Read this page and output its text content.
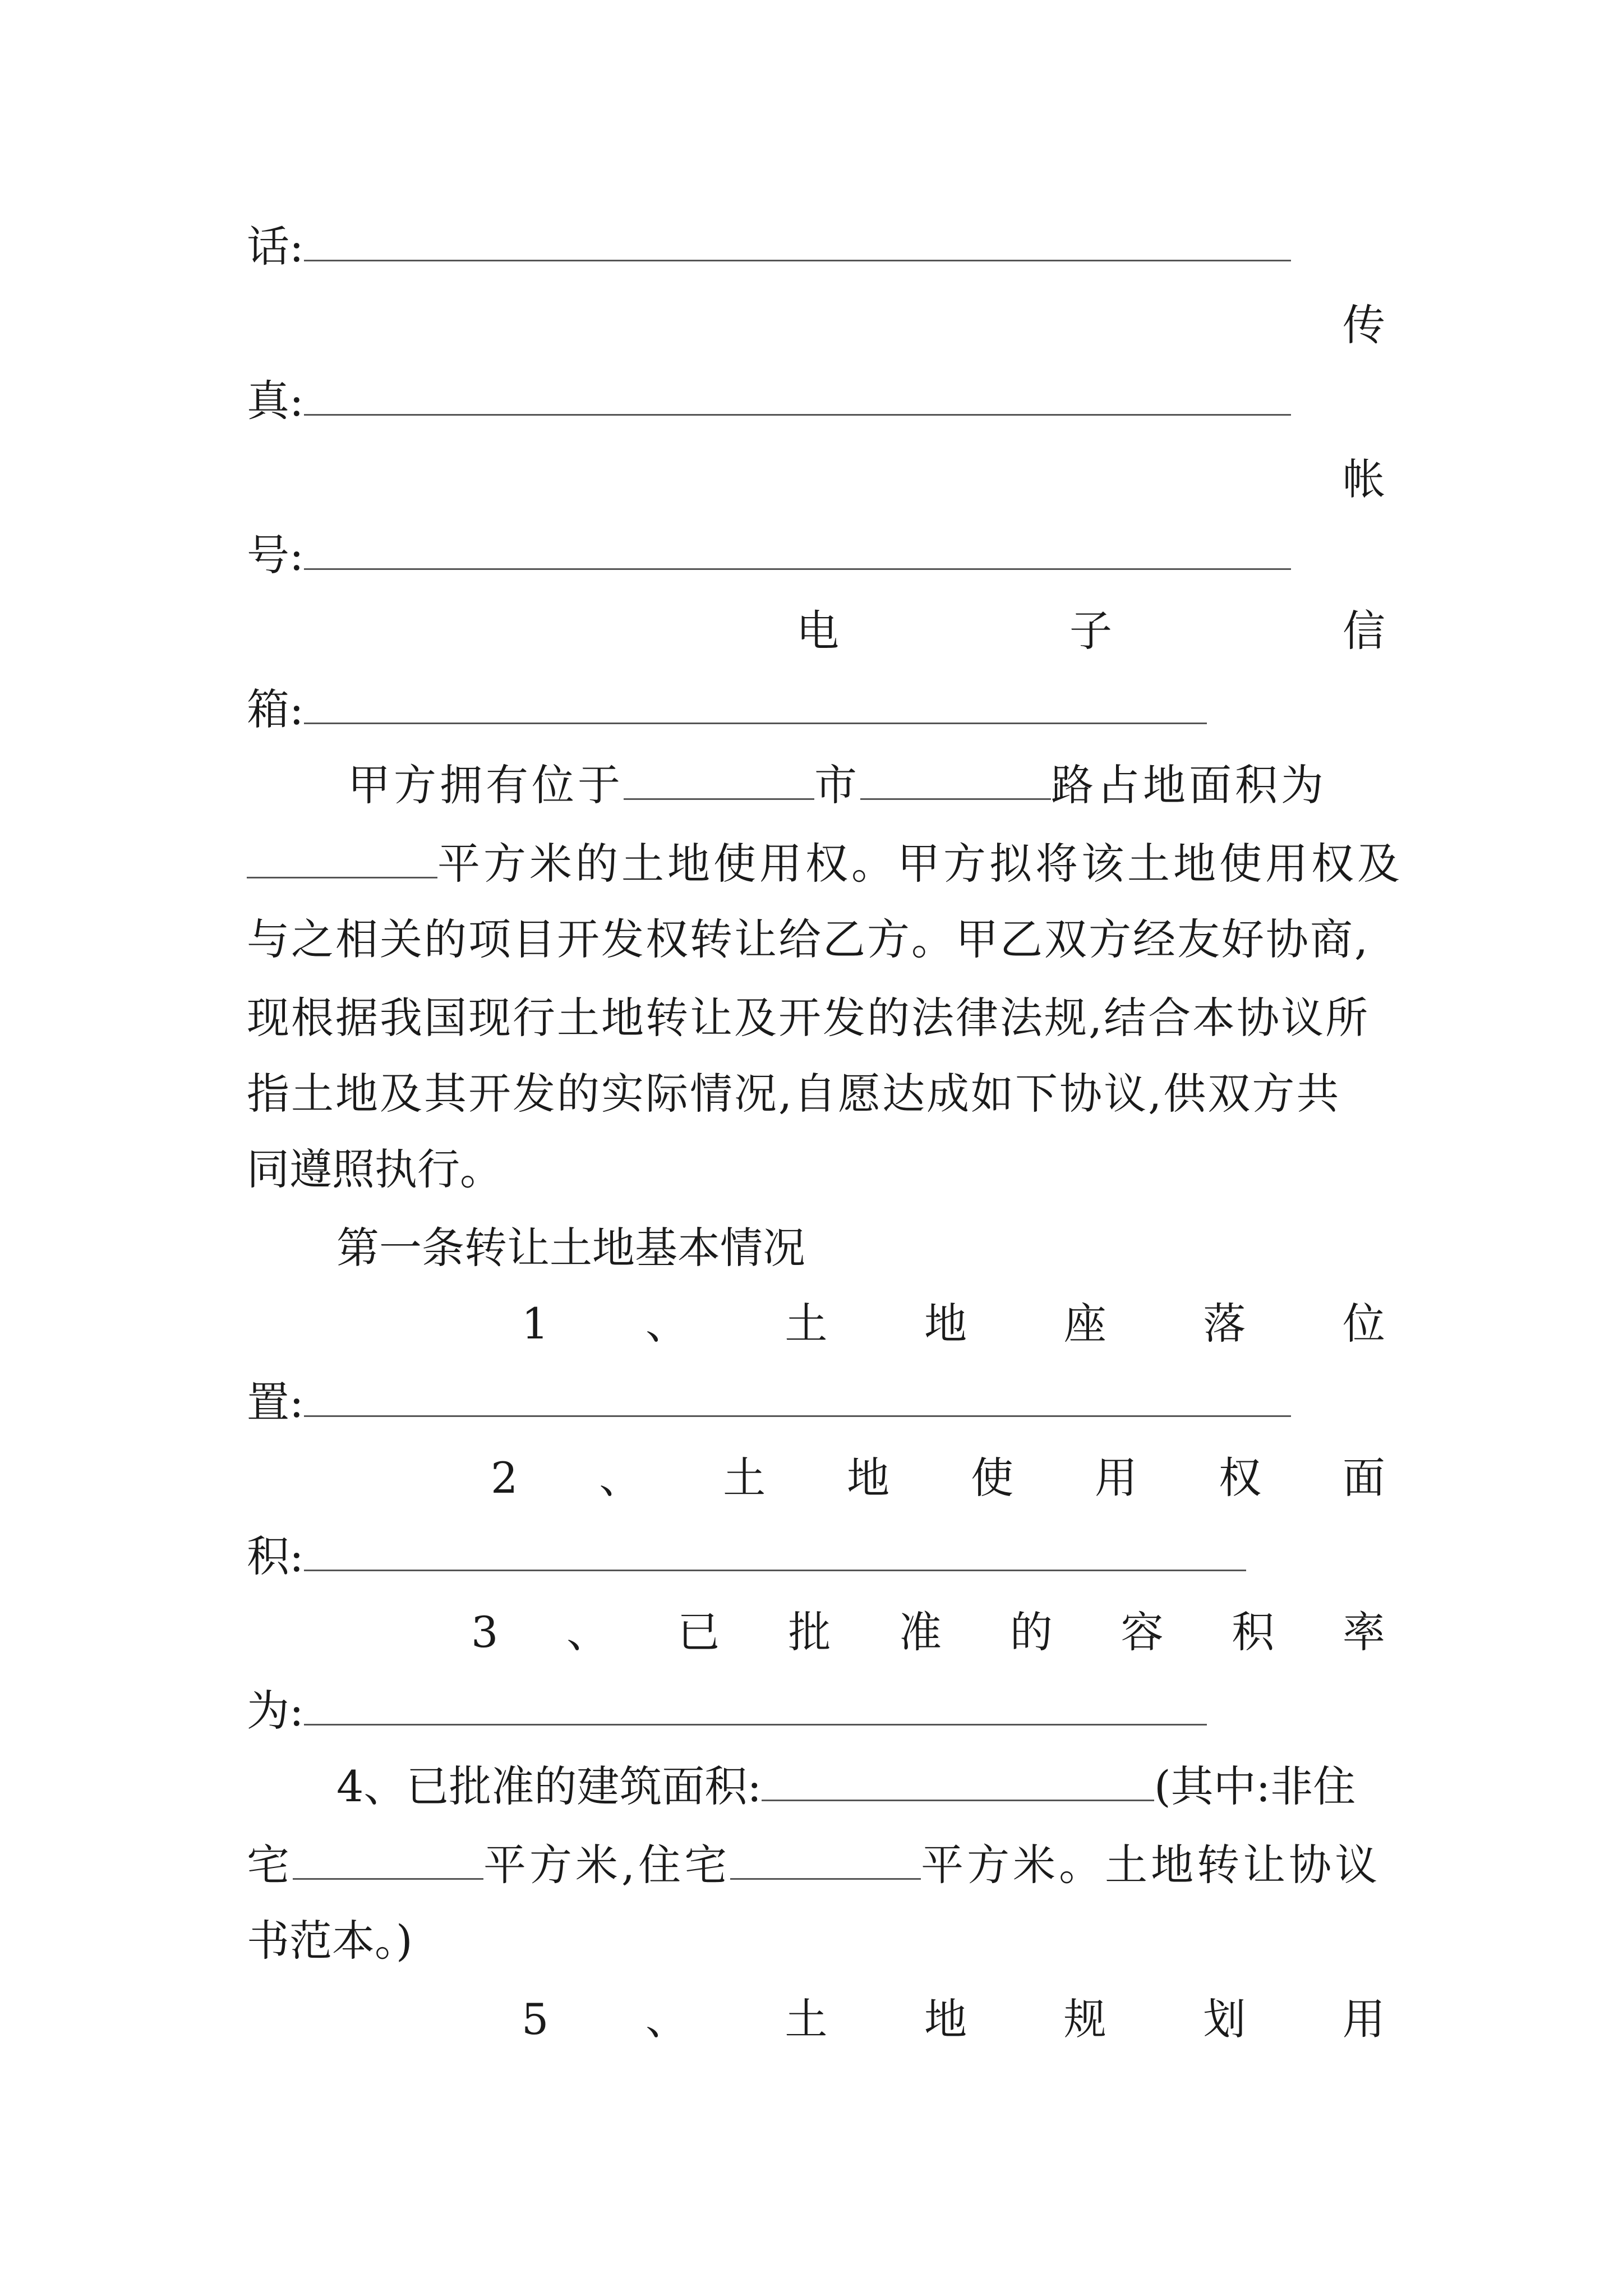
话:
传
真:
帐
号:
电	子	信
箱:
甲方拥有位于	市	路占地面积为
平方米的土地使用权。甲方拟将该土地使用权及
与之相关的项目开发权转让给乙方。甲乙双方经友好协商,
现根据我国现行土地转让及开发的法律法规,结合本协议所
指土地及其开发的实际情况,自愿达成如下协议,供双方共
同遵照执行。
第一条转让土地基本情况
1 、 土 地 座 落 位
置:
2 、 土 地 使 用 权 面
积:
3 、 已 批 准 的 容 积 率
为:
4、已批准的建筑面积:	(其中:非住
宅	平方米,住宅	平方米。土地转让协议
书范本。)
5 、 土 地 规 划 用
